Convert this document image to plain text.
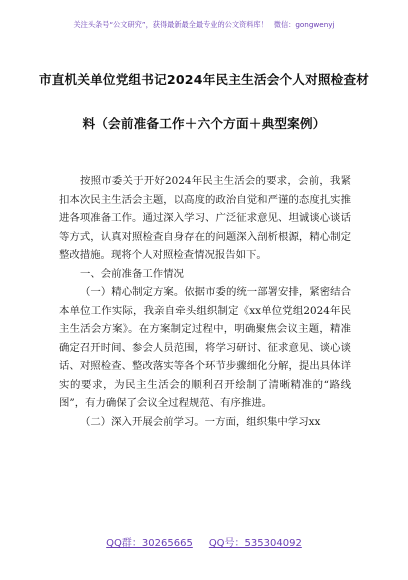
关注头条号“公文研究”，获得最新最全最专业的公文资料库！ 微信：gongwenyj
市直机关单位党组书记2024年民主生活会个人对照检查材
料（会前准备工作＋六个方面＋典型案例）

按照市委关于开好2024年民主生活会的要求，会前，我紧扣本次民主生活会主题，以高度的政治自觉和严谨的态度扎实推进各项准备工作。通过深入学习、广泛征求意见、坦诚谈心谈话等方式，认真对照检查自身存在的问题深入剖析根源，精心制定整改措施。现将个人对照检查情况报告如下。

一、会前准备工作情况

（一）精心制定方案。依据市委的统一部署安排，紧密结合本单位工作实际，我亲自牵头组织制定《xx单位党组2024年民主生活会方案》。在方案制定过程中，明确聚焦会议主题，精准确定召开时间、参会人员范围，将学习研讨、征求意见、谈心谈话、对照检查、整改落实等各个环节步骤细化分解，提出具体详实的要求，为民主生活会的顺利召开绘制了清晰精准的“路线图”，有力确保了会议全过程规范、有序推进。

（二）深入开展会前学习。一方面，组织集中学习xx

QQ群：30265665 QQ号：535304092
